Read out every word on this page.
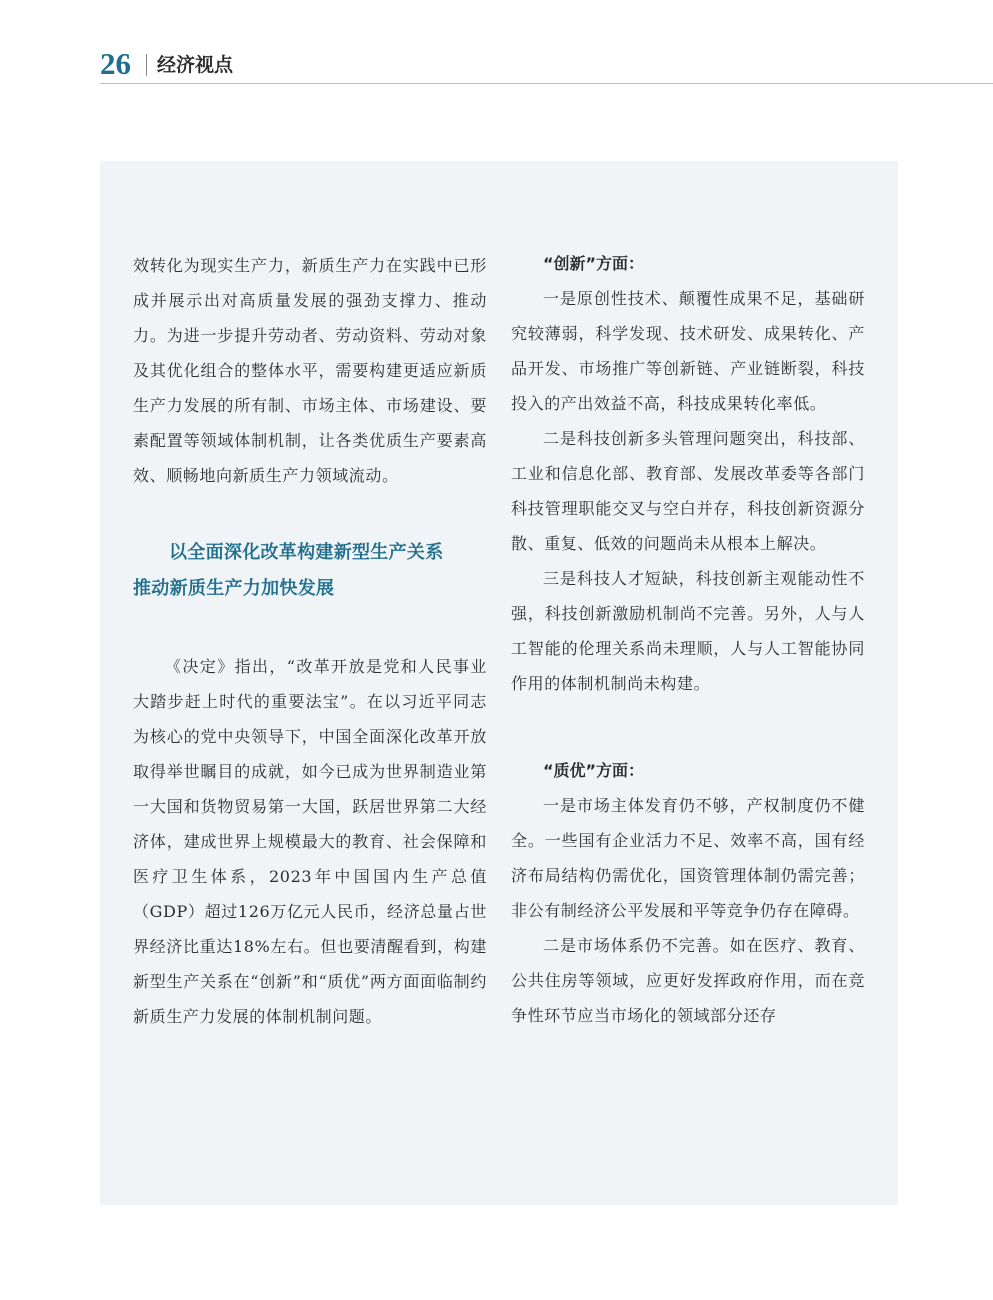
26 经济视点

效转化为现实生产力，新质生产力在实践中已形成并展示出对高质量发展的强劲支撑力、推动力。为进一步提升劳动者、劳动资料、劳动对象及其优化组合的整体水平，需要构建更适应新质生产力发展的所有制、市场主体、市场建设、要素配置等领域体制机制，让各类优质生产要素高效、顺畅地向新质生产力领域流动。

以全面深化改革构建新型生产关系

推动新质生产力加快发展

《决定》指出，“改革开放是党和人民事业大踏步赶上时代的重要法宝”。在以习近平同志为核心的党中央领导下，中国全面深化改革开放取得举世瞩目的成就，如今已成为世界制造业第一大国和货物贸易第一大国，跃居世界第二大经济体，建成世界上规模最大的教育、社会保障和医疗卫生体系，2023年中国国内生产总值（GDP）超过126万亿元人民币，经济总量占世界经济比重达18%左右。但也要清醒看到，构建新型生产关系在“创新”和“质优”两方面面临制约新质生产力发展的体制机制问题。

“创新”方面：

一是原创性技术、颠覆性成果不足，基础研究较薄弱，科学发现、技术研发、成果转化、产品开发、市场推广等创新链、产业链断裂，科技投入的产出效益不高，科技成果转化率低。

二是科技创新多头管理问题突出，科技部、工业和信息化部、教育部、发展改革委等各部门科技管理职能交叉与空白并存，科技创新资源分散、重复、低效的问题尚未从根本上解决。

三是科技人才短缺，科技创新主观能动性不强，科技创新激励机制尚不完善。另外，人与人工智能的伦理关系尚未理顺，人与人工智能协同作用的体制机制尚未构建。

“质优”方面：

一是市场主体发育仍不够，产权制度仍不健全。一些国有企业活力不足、效率不高，国有经济布局结构仍需优化，国资管理体制仍需完善；非公有制经济公平发展和平等竞争仍存在障碍。

二是市场体系仍不完善。如在医疗、教育、公共住房等领域，应更好发挥政府作用，而在竞争性环节应当市场化的领域部分还存
